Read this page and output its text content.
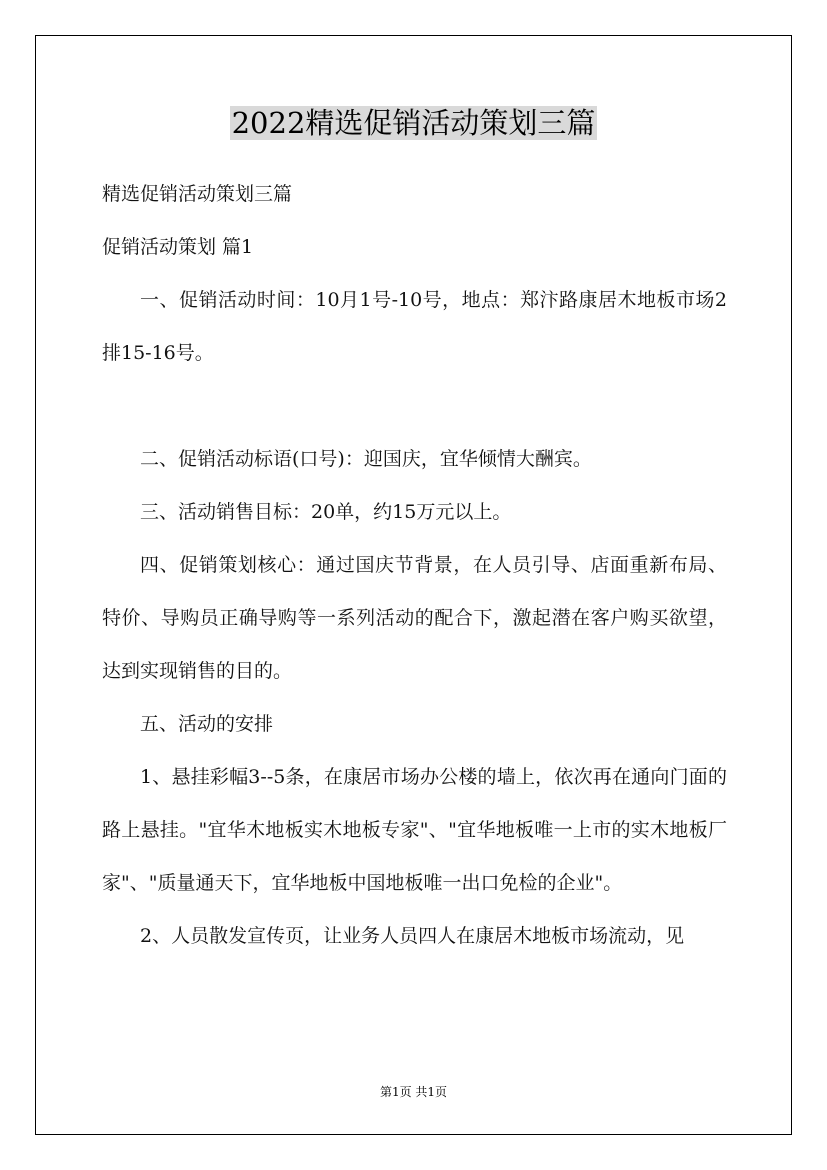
2022精选促销活动策划三篇

精选促销活动策划三篇

促销活动策划 篇1

一、促销活动时间：10月1号-10号，地点：郑汴路康居木地板市场2排15-16号。

二、促销活动标语(口号)：迎国庆，宜华倾情大酬宾。

三、活动销售目标：20单，约15万元以上。

四、促销策划核心：通过国庆节背景，在人员引导、店面重新布局、特价、导购员正确导购等一系列活动的配合下，激起潜在客户购买欲望，达到实现销售的目的。

五、活动的安排

1、悬挂彩幅3--5条，在康居市场办公楼的墙上，依次再在通向门面的路上悬挂。"宜华木地板实木地板专家"、"宜华地板唯一上市的实木地板厂家"、"质量通天下，宜华地板中国地板唯一出口免检的企业"。

2、人员散发宣传页，让业务人员四人在康居木地板市场流动，见

第1页 共1页
